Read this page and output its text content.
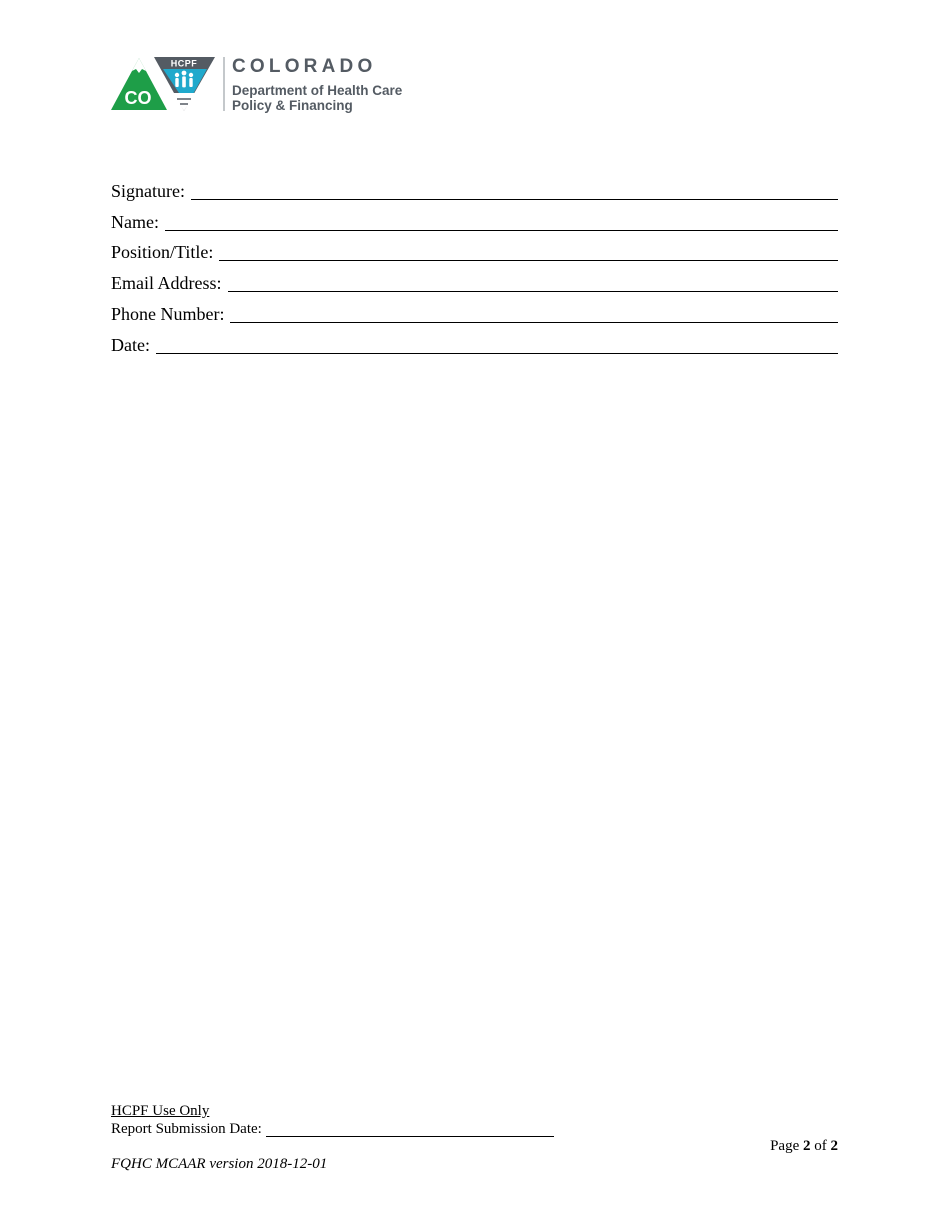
CO
HCPF COLORADO
Department of Health Care
Policy & Financing
Signature:
Name:
Position/Title:
Email Address:
Phone Number:
Date:
HCPF Use Only
Report Submission Date:
FQHC MCAAR version 2018-12-01
Page 2 of 2
